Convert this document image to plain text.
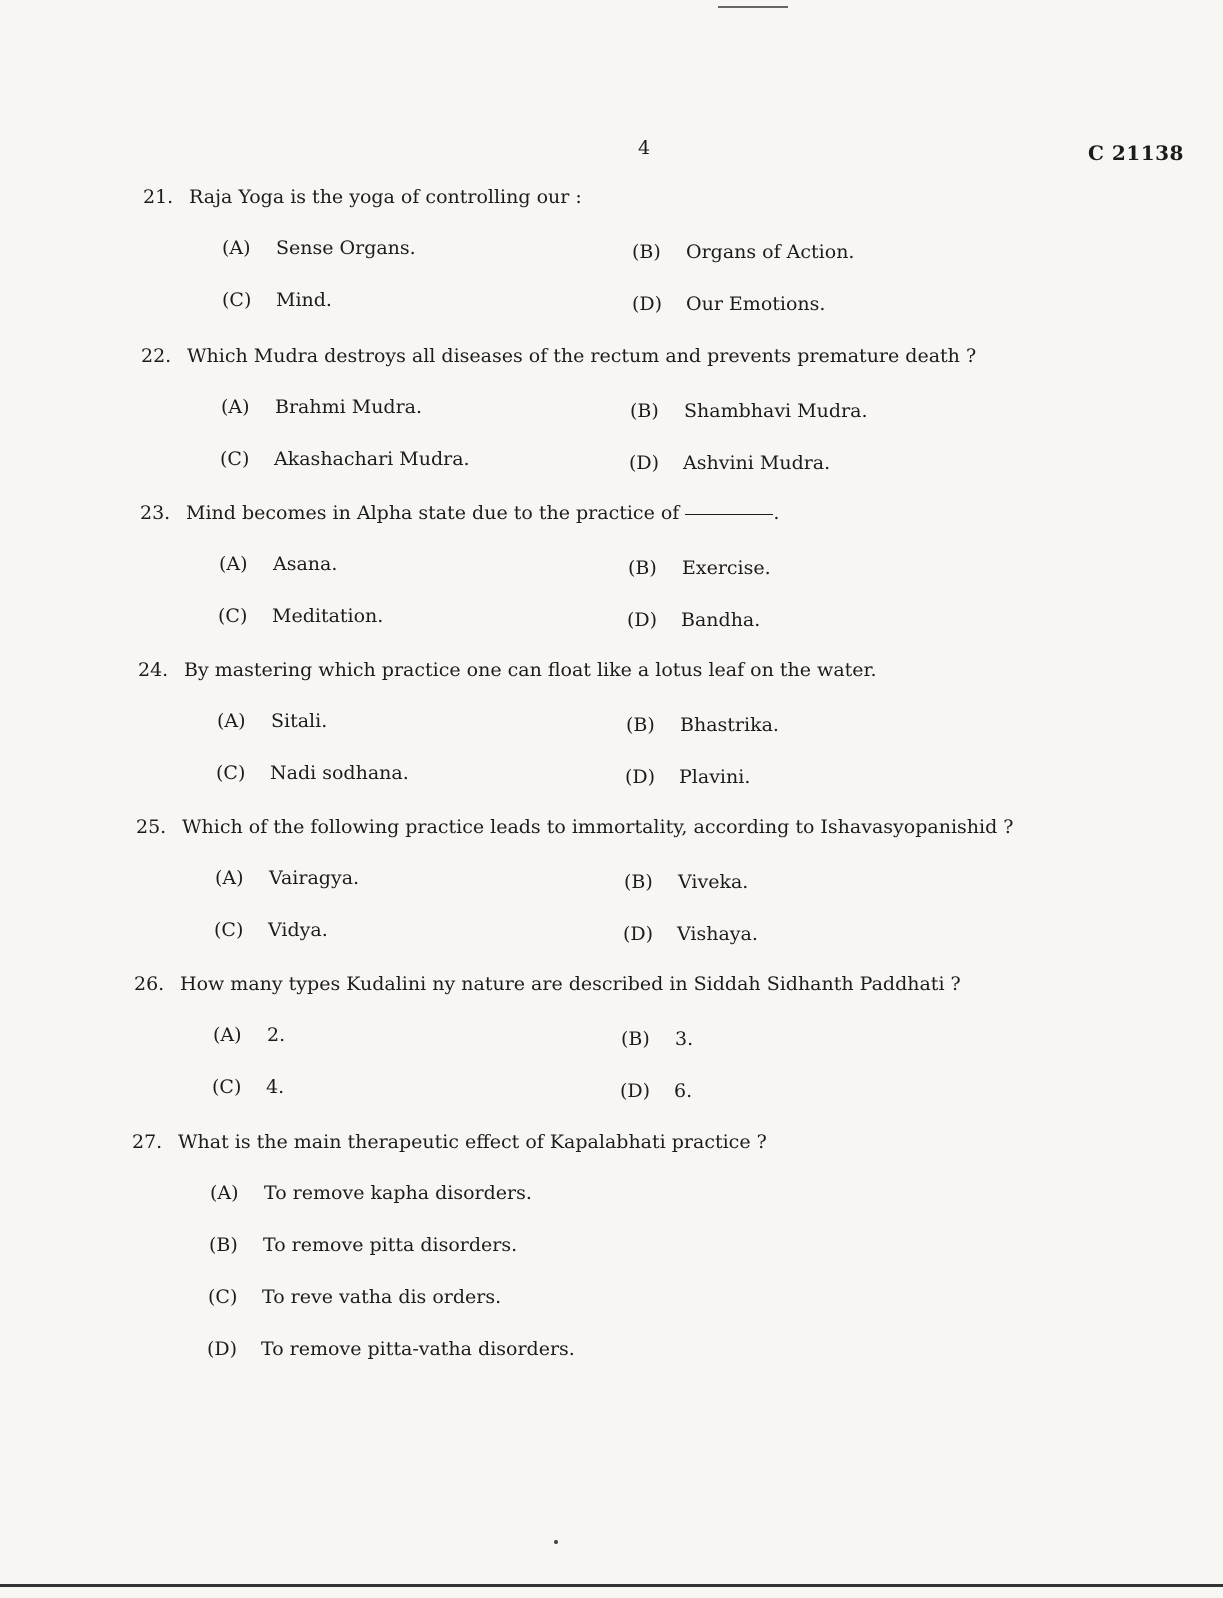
4	C 21138
21. Raja Yoga is the yoga of controlling our :
(A) Sense Organs.	(B) Organs of Action.
(C) Mind.	(D) Our Emotions.
22. Which Mudra destroys all diseases of the rectum and prevents premature death ?
(A) Brahmi Mudra.	(B) Shambhavi Mudra.
(C) Akashachari Mudra.	(D) Ashvini Mudra.
23. Mind becomes in Alpha state due to the practice of	.
(A) Asana.	(B) Exercise.
(C) Meditation.	(D) Bandha.
24. By mastering which practice one can float like a lotus leaf on the water.
(A) Sitali.	(B) Bhastrika.
(C) Nadi sodhana.	(D) Plavini.
25. Which of the following practice leads to immortality, according to Ishavasyopanishid ?
(A) Vairagya.	(B) Viveka.
(C) Vidya.	(D) Vishaya.
26. How many types Kudalini ny nature are described in Siddah Sidhanth Paddhati ?
(A) 2.	(B) 3.
(C) 4.	(D) 6.
27. What is the main therapeutic effect of Kapalabhati practice ?
(A) To remove kapha disorders.
(B) To remove pitta disorders.
(C) To reve vatha dis orders.
(D) To remove pitta-vatha disorders.
